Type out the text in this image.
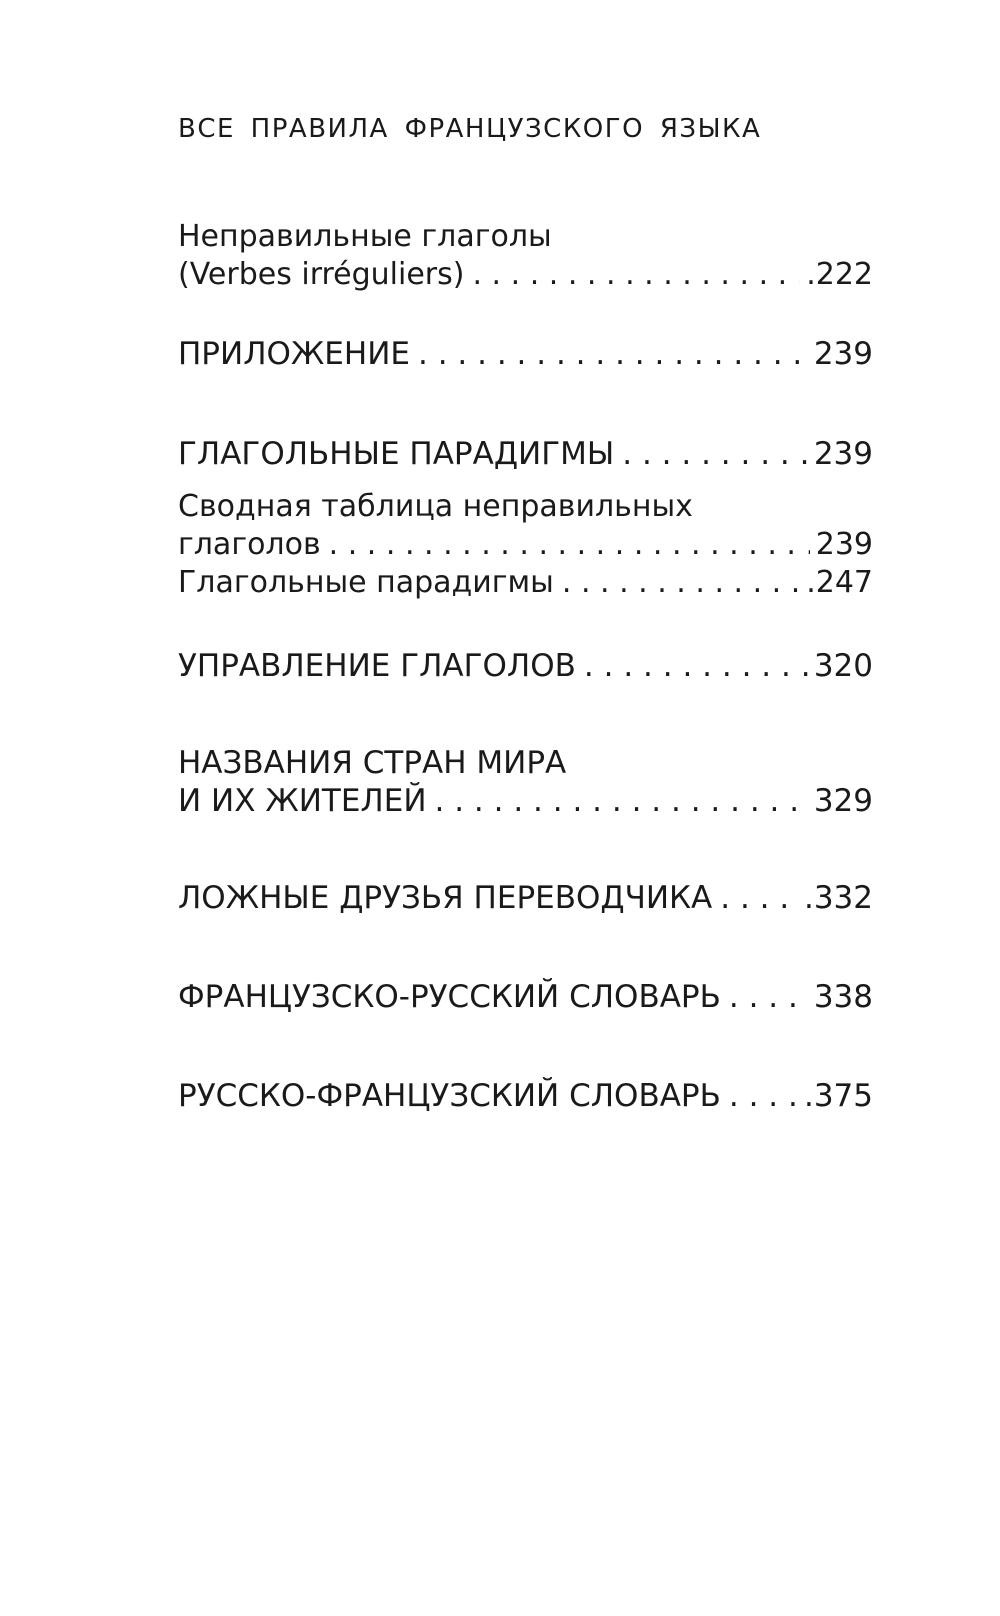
ВСЕ ПРАВИЛА ФРАНЦУЗСКОГО ЯЗЫКА
Неправильные глаголы
(Verbes irréguliers) . . .	.222
ПРИЛОЖЕНИЕ . . .	239
ГЛАГОЛЬНЫЕ ПАРАДИГМЫ . . .	239
Сводная таблица неправильных
глаголов . . .	239
Глагольные парадигмы . . .	.247
УПРАВЛЕНИЕ ГЛАГОЛОВ . . .	320
НАЗВАНИЯ СТРАН МИРА
И ИХ ЖИТЕЛЕЙ . . .	329
ЛОЖНЫЕ ДРУЗЬЯ ПЕРЕВОДЧИКА . . .	.332
ФРАНЦУЗСКО-РУССКИЙ СЛОВАРЬ . . .	338
РУССКО-ФРАНЦУЗСКИЙ СЛОВАРЬ . . .	.375
